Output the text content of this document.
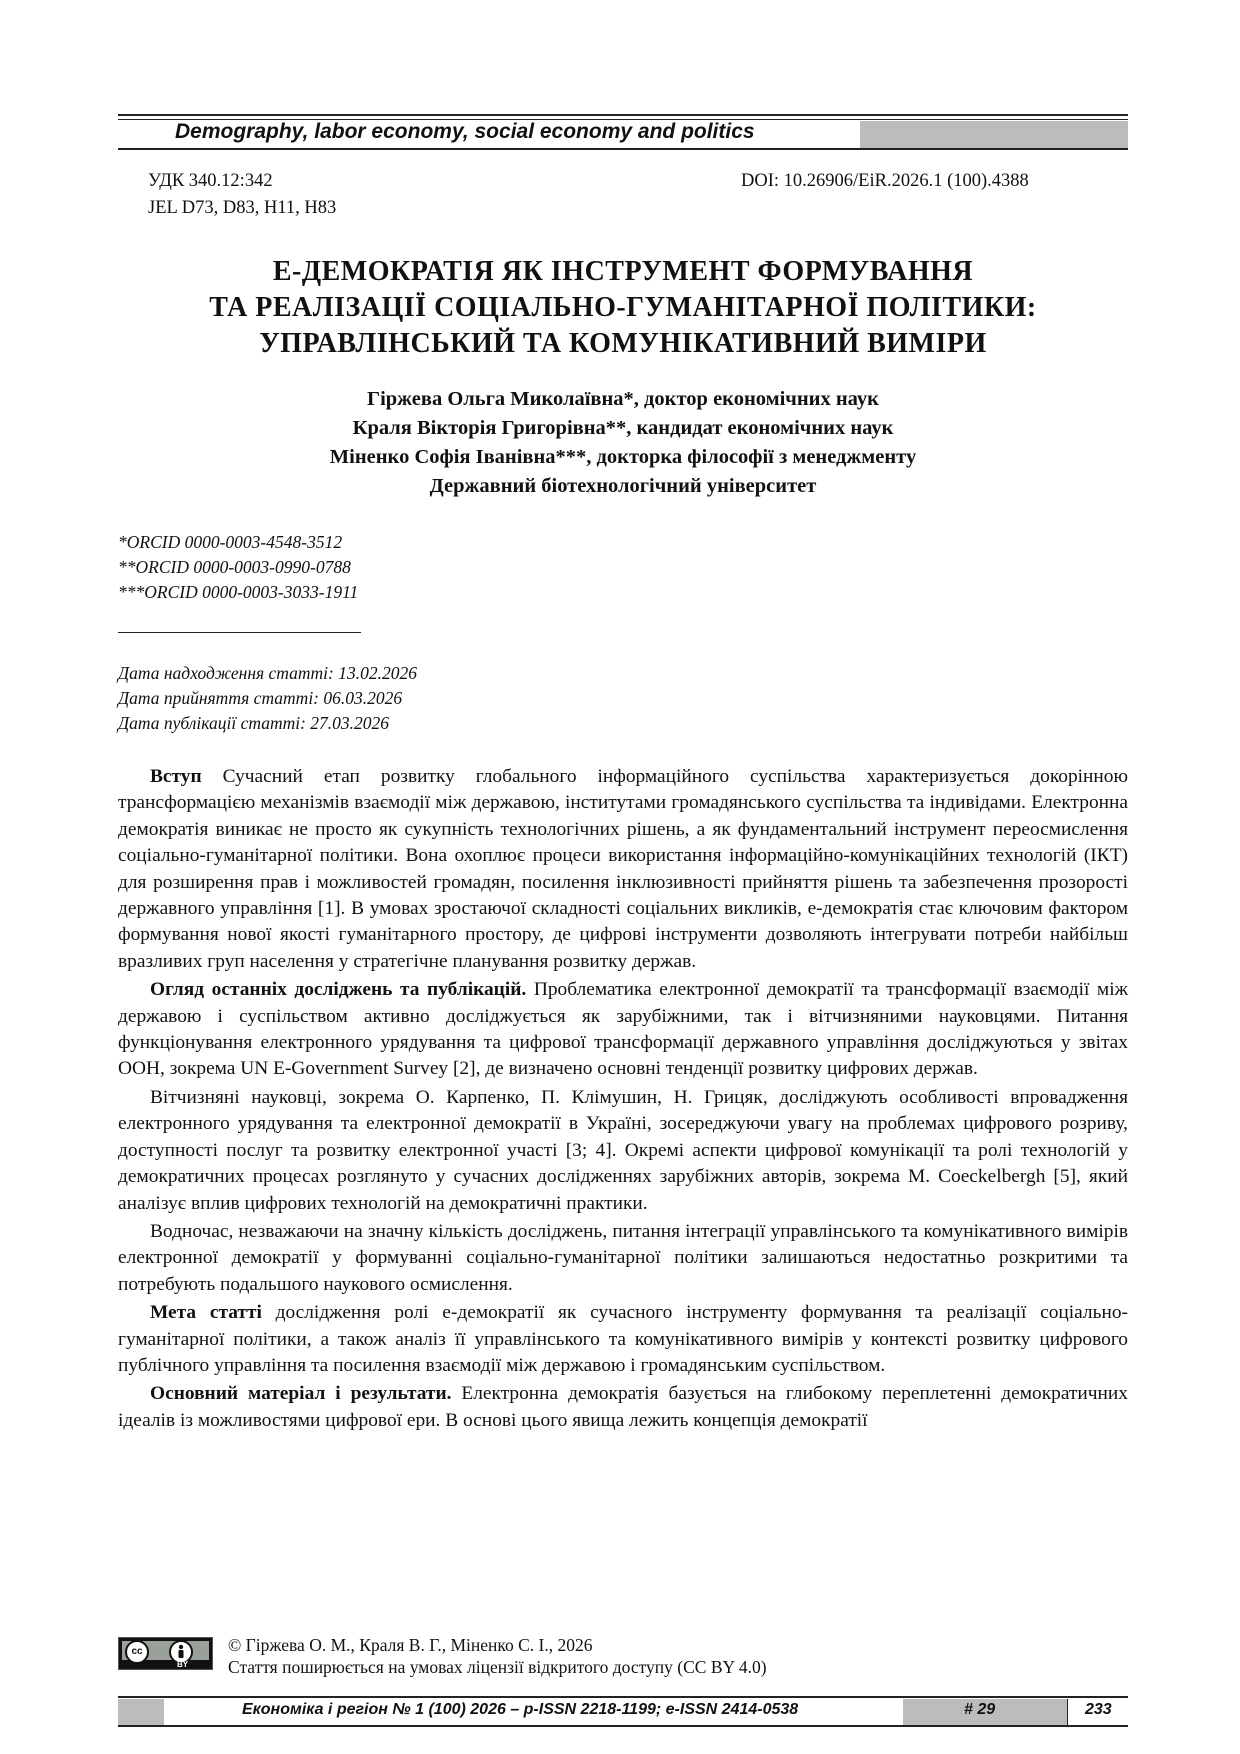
Demography, labor economy, social economy and politics
УДК 340.12:342
JEL D73, D83, H11, H83
DOI: 10.26906/EiR.2026.1 (100).4388
Е-ДЕМОКРАТІЯ ЯК ІНСТРУМЕНТ ФОРМУВАННЯ
ТА РЕАЛІЗАЦІЇ СОЦІАЛЬНО-ГУМАНІТАРНОЇ ПОЛІТИКИ:
УПРАВЛІНСЬКИЙ ТА КОМУНІКАТИВНИЙ ВИМІРИ
Гіржева Ольга Миколаївна*, доктор економічних наук
Краля Вікторія Григорівна**, кандидат економічних наук
Міненко Софія Іванівна***, докторка філософії з менеджменту
Державний біотехнологічний університет
*ORCID 0000-0003-4548-3512
**ORCID 0000-0003-0990-0788
***ORCID 0000-0003-3033-1911
Дата надходження статті: 13.02.2026
Дата прийняття статті: 06.03.2026
Дата публікації статті: 27.03.2026

Вступ Сучасний етап розвитку глобального інформаційного суспільства характеризується докорінною трансформацією механізмів взаємодії між державою, інститутами громадянського суспільства та індивідами. Електронна демократія виникає не просто як сукупність технологічних рішень, а як фундаментальний інструмент переосмислення соціально-гуманітарної політики. Вона охоплює процеси використання інформаційно-комунікаційних технологій (ІКТ) для розширення прав і можливостей громадян, посилення інклюзивності прийняття рішень та забезпечення прозорості державного управління [1]. В умовах зростаючої складності соціальних викликів, е-демократія стає ключовим фактором формування нової якості гуманітарного простору, де цифрові інструменти дозволяють інтегрувати потреби найбільш вразливих груп населення у стратегічне планування розвитку держав.

Огляд останніх досліджень та публікацій. Проблематика електронної демократії та трансформації взаємодії між державою і суспільством активно досліджується як зарубіжними, так і вітчизняними науковцями. Питання функціонування електронного урядування та цифрової трансформації державного управління досліджуються у звітах ООН, зокрема UN E-Government Survey [2], де визначено основні тенденції розвитку цифрових держав.

Вітчизняні науковці, зокрема О. Карпенко, П. Клімушин, Н. Грицяк, досліджують особливості впровадження електронного урядування та електронної демократії в Україні, зосереджуючи увагу на проблемах цифрового розриву, доступності послуг та розвитку електронної участі [3; 4]. Окремі аспекти цифрової комунікації та ролі технологій у демократичних процесах розглянуто у сучасних дослідженнях зарубіжних авторів, зокрема M. Coeckelbergh [5], який аналізує вплив цифрових технологій на демократичні практики.

Водночас, незважаючи на значну кількість досліджень, питання інтеграції управлінського та комунікативного вимірів електронної демократії у формуванні соціально-гуманітарної політики залишаються недостатньо розкритими та потребують подальшого наукового осмислення.

Мета статті дослідження ролі е-демократії як сучасного інструменту формування та реалізації соціально-гуманітарної політики, а також аналіз її управлінського та комунікативного вимірів у контексті розвитку цифрового публічного управління та посилення взаємодії між державою і громадянським суспільством.

Основний матеріал і результати. Електронна демократія базується на глибокому переплетенні демократичних ідеалів із можливостями цифрової ери. В основі цього явища лежить концепція демократії

cc
BY
© Гіржева О. М., Краля В. Г., Міненко С. І., 2026
Стаття поширюється на умовах ліцензії відкритого доступу (CC BY 4.0)
Економіка і регіон № 1 (100) 2026 – p-ISSN 2218-1199; e-ISSN 2414-0538	# 29	233
